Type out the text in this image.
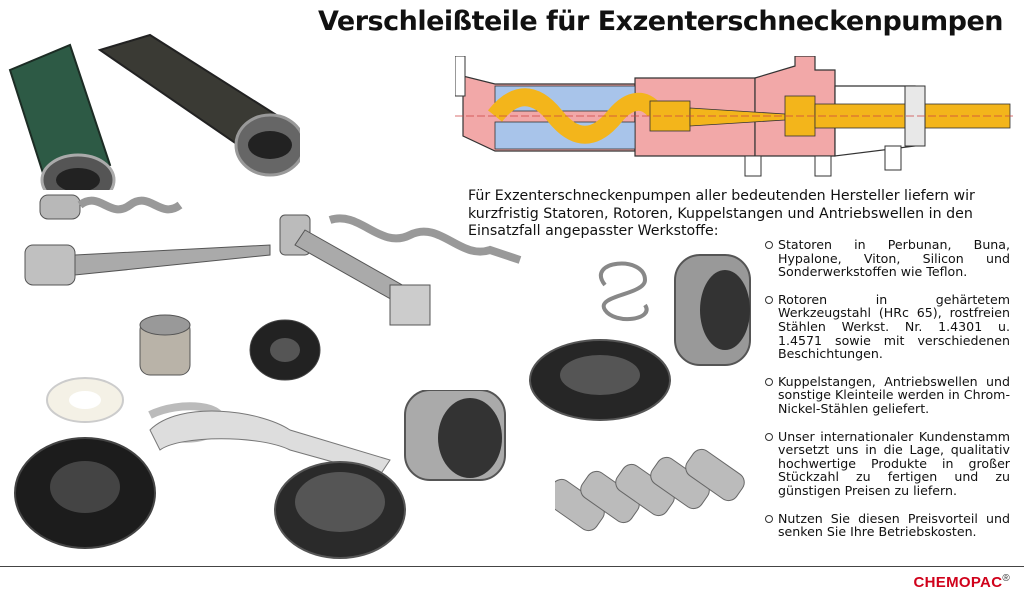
Verschleißteile für Exzenterschneckenpumpen
Für Exzenterschneckenpumpen aller bedeutenden Hersteller liefern wir kurzfristig Statoren, Rotoren, Kuppelstangen und Antriebswellen in den Einsatzfall angepasster Werkstoffe:
Statoren in Perbunan, Buna, Hypalone, Viton, Silicon und Sonderwerkstoffen wie Teflon.
Rotoren in gehärtetem Werkzeugstahl (HRc 65), rostfreien Stählen Werkst. Nr. 1.4301 u. 1.4571 sowie mit verschiedenen Beschichtungen.
Kuppelstangen, Antriebswellen und sonstige Kleinteile werden in Chrom-Nickel-Stählen geliefert.
Unser internationaler Kundenstamm versetzt uns in die Lage, qualitativ hochwertige Produkte in großer Stückzahl zu fertigen und zu günstigen Preisen zu liefern.
Nutzen Sie diesen Preisvorteil und senken Sie Ihre Betriebskosten.
CHEMOPAC®
